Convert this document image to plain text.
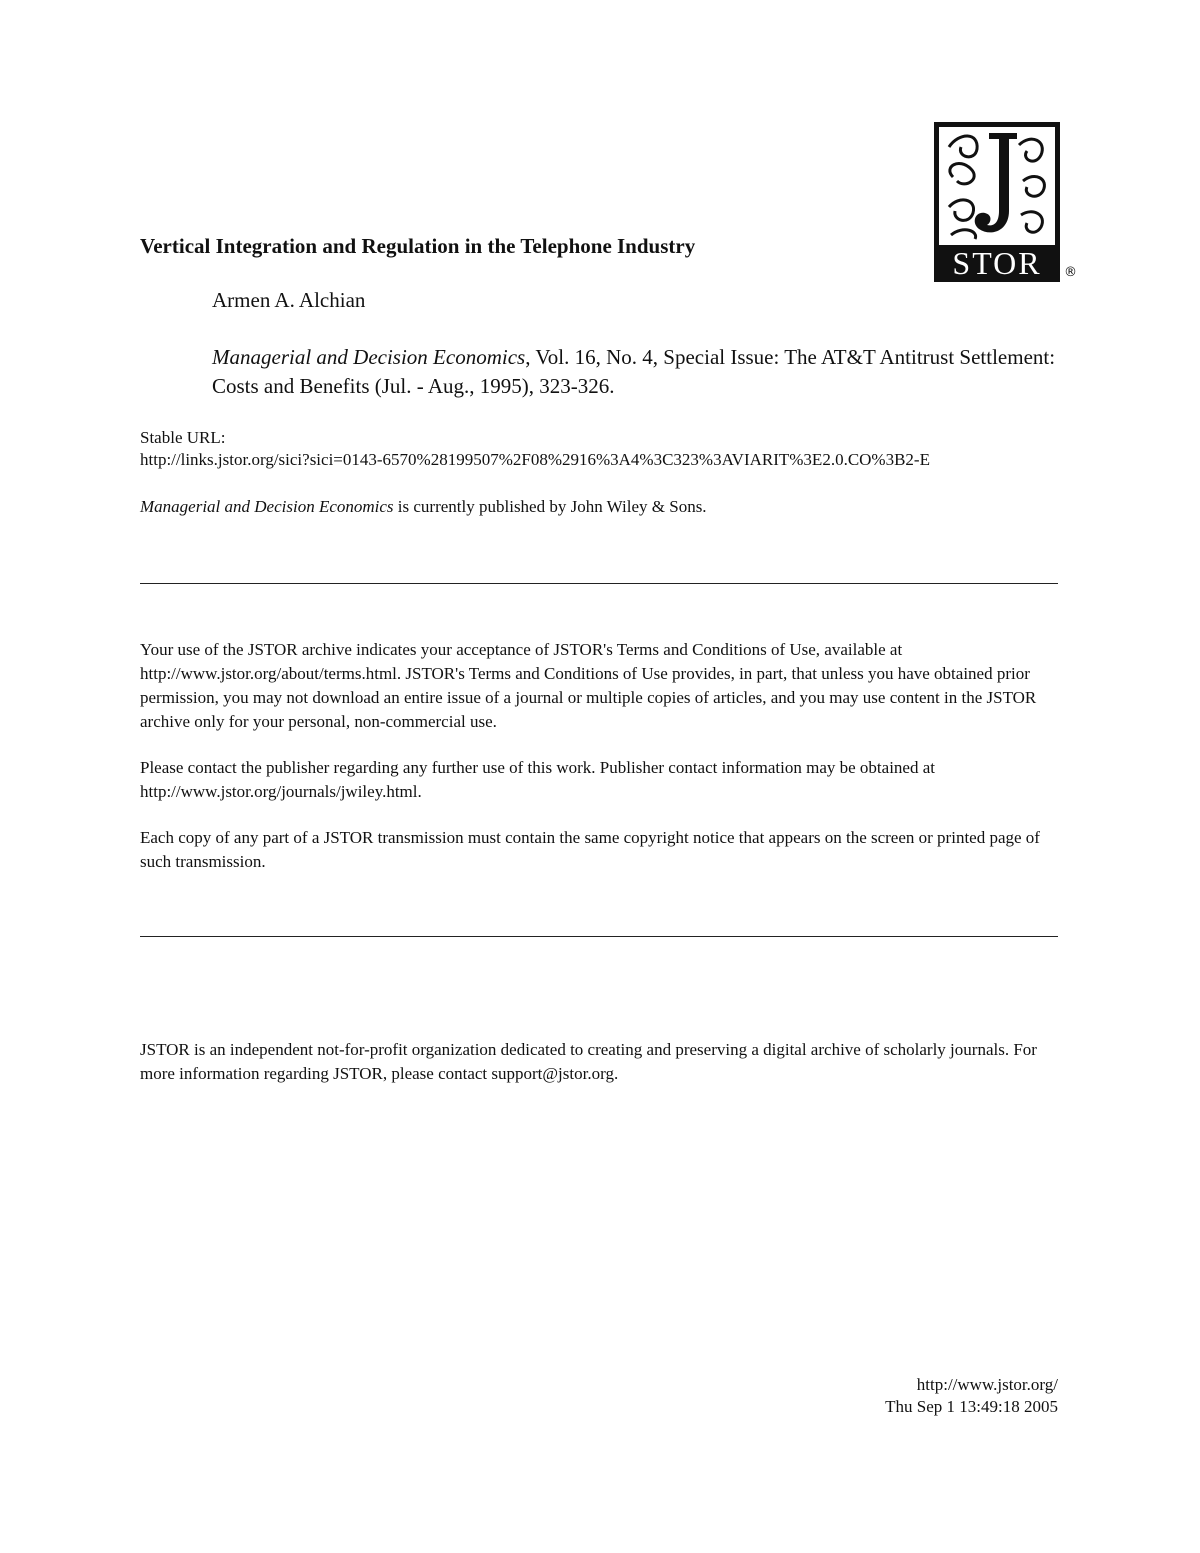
STOR	®
Vertical Integration and Regulation in the Telephone Industry
Armen A. Alchian
Managerial and Decision Economics, Vol. 16, No. 4, Special Issue: The AT&T Antitrust Settlement: Costs and Benefits (Jul. - Aug., 1995), 323-326.
Stable URL:
http://links.jstor.org/sici?sici=0143-6570%28199507%2F08%2916%3A4%3C323%3AVIARIT%3E2.0.CO%3B2-E
Managerial and Decision Economics is currently published by John Wiley & Sons.
Your use of the JSTOR archive indicates your acceptance of JSTOR's Terms and Conditions of Use, available at http://www.jstor.org/about/terms.html. JSTOR's Terms and Conditions of Use provides, in part, that unless you have obtained prior permission, you may not download an entire issue of a journal or multiple copies of articles, and you may use content in the JSTOR archive only for your personal, non-commercial use.
Please contact the publisher regarding any further use of this work. Publisher contact information may be obtained at http://www.jstor.org/journals/jwiley.html.
Each copy of any part of a JSTOR transmission must contain the same copyright notice that appears on the screen or printed page of such transmission.
JSTOR is an independent not-for-profit organization dedicated to creating and preserving a digital archive of scholarly journals. For more information regarding JSTOR, please contact support@jstor.org.
http://www.jstor.org/
Thu Sep 1 13:49:18 2005
